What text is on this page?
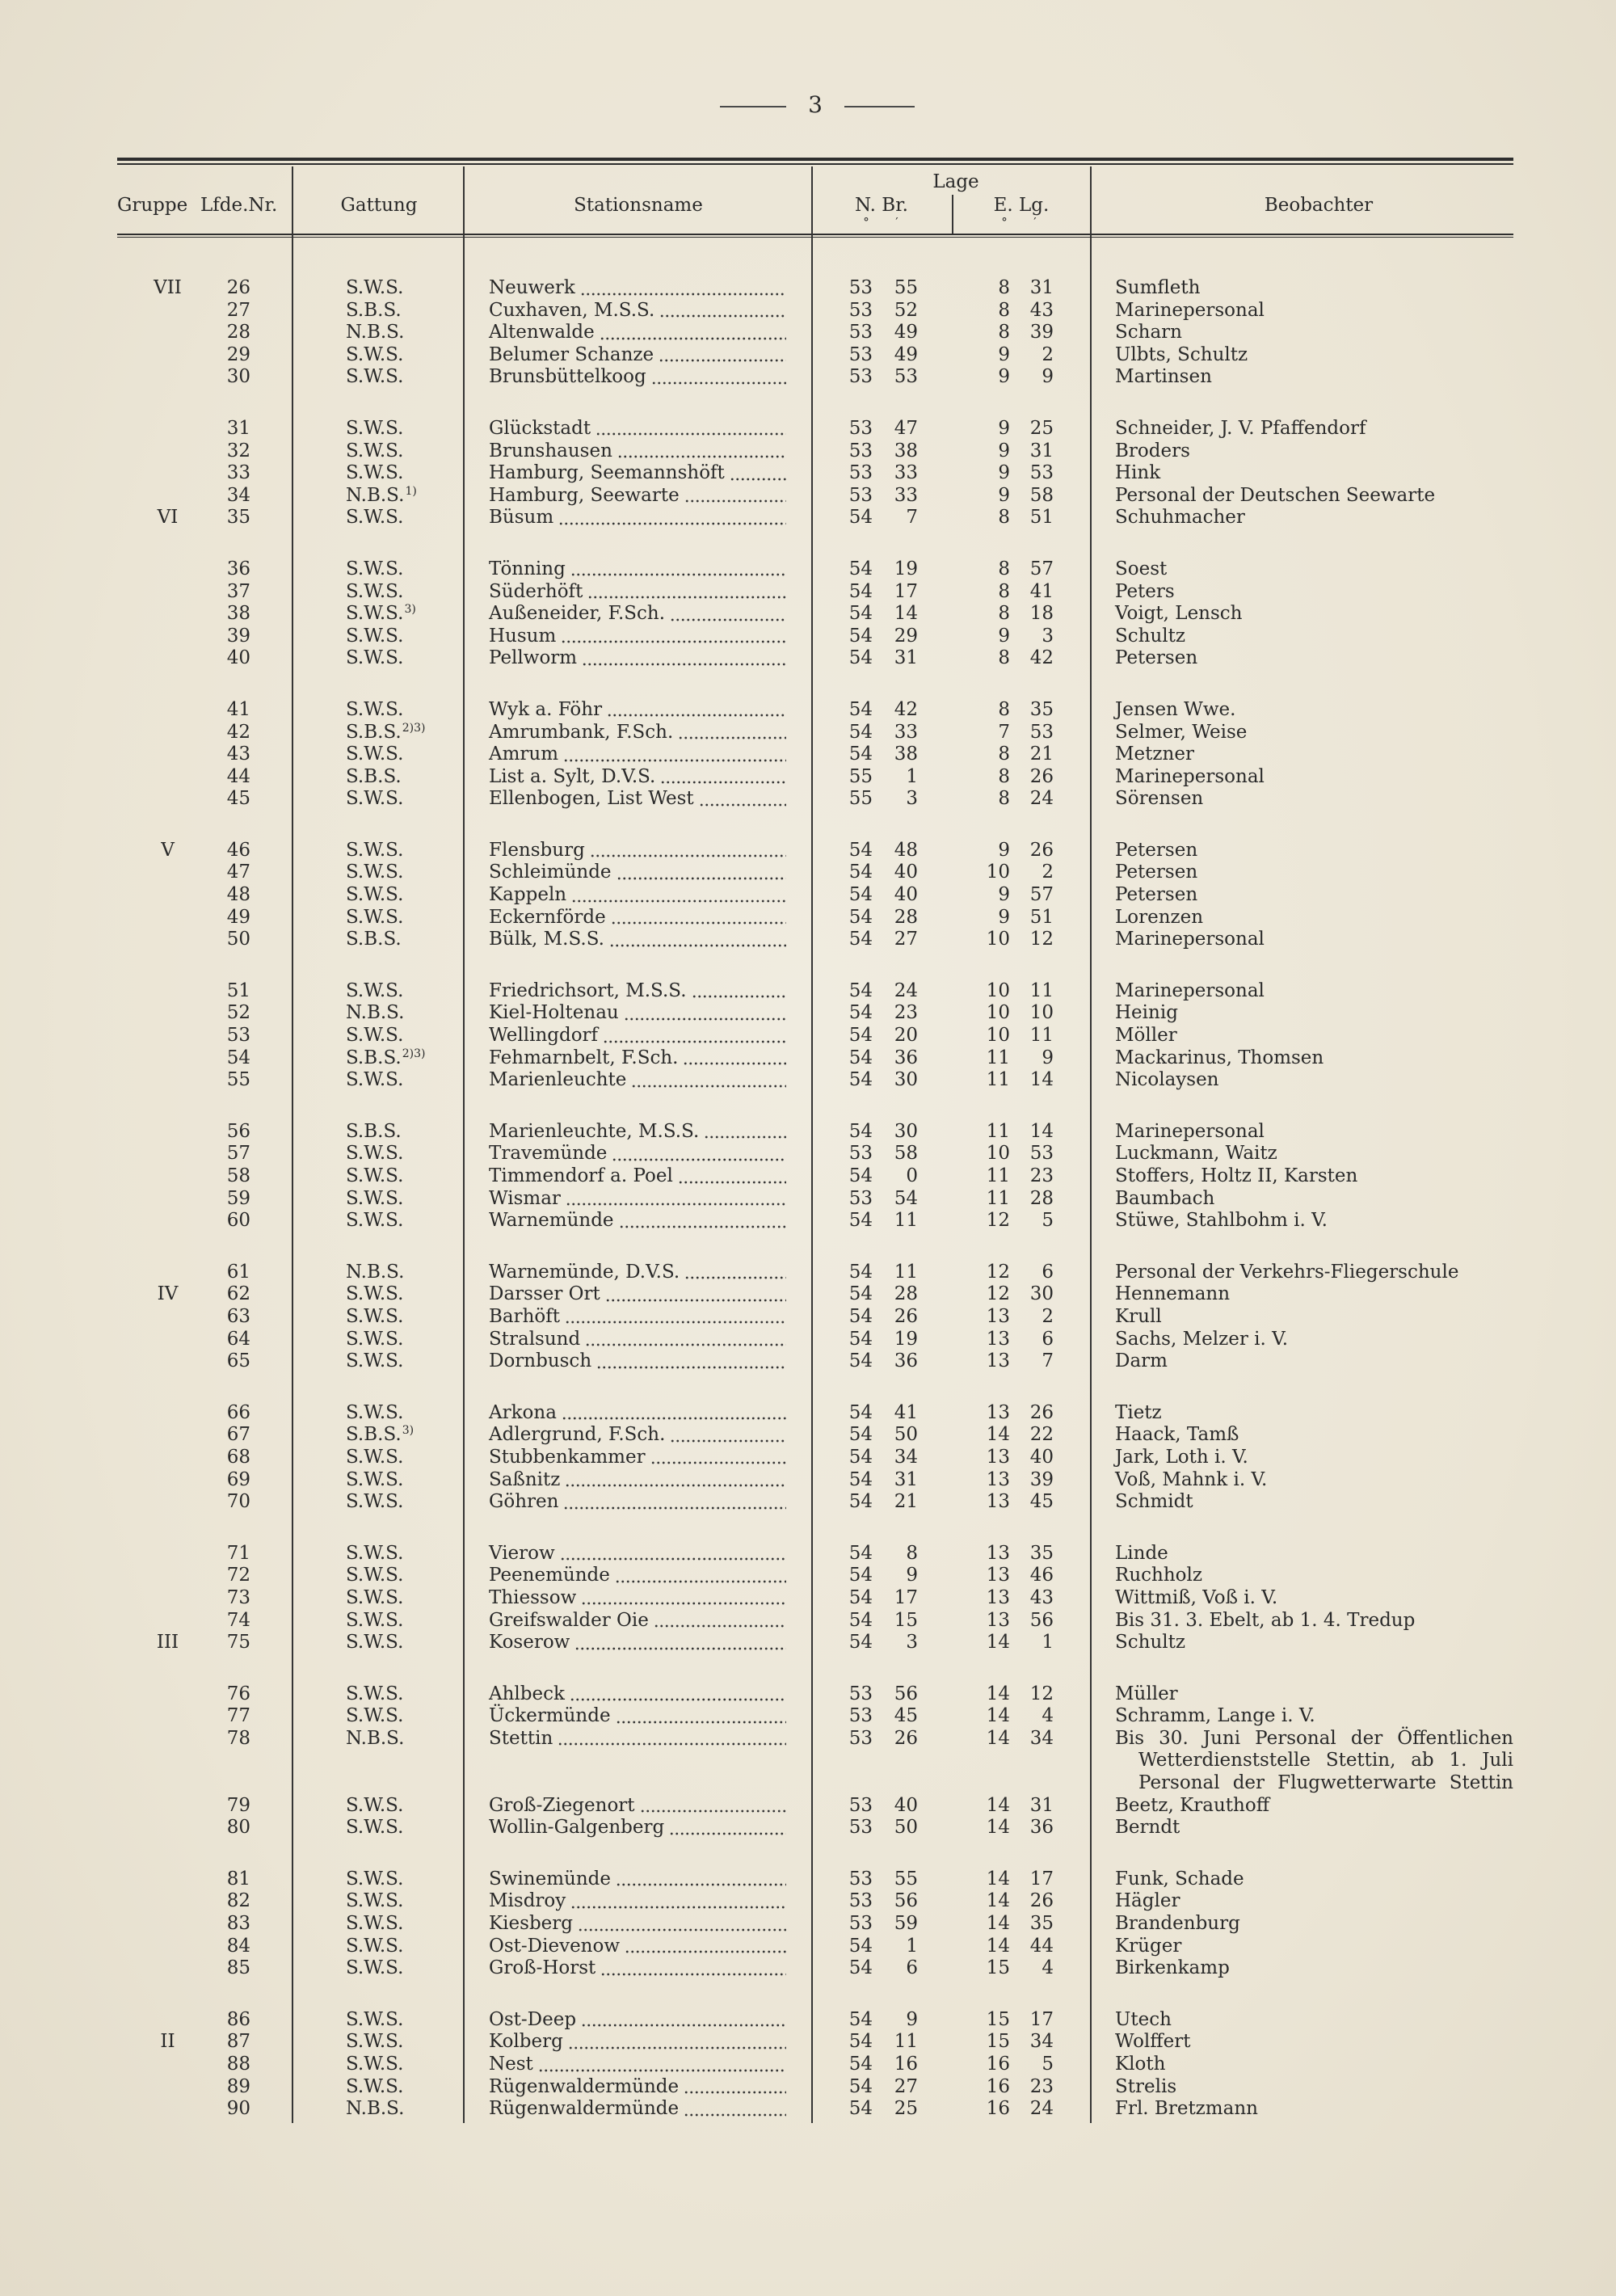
3
Gruppe Lfde.Nr.	Gattung	Stationsname
Lage
N. Br.	E. Lg.
°	′	°	′
Beobachter
VII	26	S.W.S.	Neuwerk	53	55	8	31	Sumfleth
27	S.B.S.	Cuxhaven, M.S.S.	53	52	8	43	Marinepersonal
28	N.B.S.	Altenwalde	53	49	8	39	Scharn
29	S.W.S.	Belumer Schanze	53	49	9	2	Ulbts, Schultz
30	S.W.S.	Brunsbüttelkoog	53	53	9	9	Martinsen
31	S.W.S.	Glückstadt	53	47	9	25	Schneider, J. V. Pfaffendorf
32	S.W.S.	Brunshausen	53	38	9	31	Broders
33	S.W.S.	Hamburg, Seemannshöft	53	33	9	53	Hink
34	N.B.S.$^{1)}$	Hamburg, Seewarte	53	33	9	58	Personal der Deutschen Seewarte
VI	35	S.W.S.	Büsum	54	7	8	51	Schuhmacher
36	S.W.S.	Tönning	54	19	8	57	Soest
37	S.W.S.	Süderhöft	54	17	8	41	Peters
38	S.W.S.$^{3)}$	Außeneider, F.Sch.	54	14	8	18	Voigt, Lensch
39	S.W.S.	Husum	54	29	9	3	Schultz
40	S.W.S.	Pellworm	54	31	8	42	Petersen
41	S.W.S.	Wyk a. Föhr	54	42	8	35	Jensen Wwe.
42	S.B.S.$^{2)3)}$	Amrumbank, F.Sch.	54	33	7	53	Selmer, Weise
43	S.W.S.	Amrum	54	38	8	21	Metzner
44	S.B.S.	List a. Sylt, D.V.S.	55	1	8	26	Marinepersonal
45	S.W.S.	Ellenbogen, List West	55	3	8	24	Sörensen
V	46	S.W.S.	Flensburg	54	48	9	26	Petersen
47	S.W.S.	Schleimünde	54	40	10	2	Petersen
48	S.W.S.	Kappeln	54	40	9	57	Petersen
49	S.W.S.	Eckernförde	54	28	9	51	Lorenzen
50	S.B.S.	Bülk, M.S.S.	54	27	10	12	Marinepersonal
51	S.W.S.	Friedrichsort, M.S.S.	54	24	10	11	Marinepersonal
52	N.B.S.	Kiel-Holtenau	54	23	10	10	Heinig
53	S.W.S.	Wellingdorf	54	20	10	11	Möller
54	S.B.S.$^{2)3)}$	Fehmarnbelt, F.Sch.	54	36	11	9	Mackarinus, Thomsen
55	S.W.S.	Marienleuchte	54	30	11	14	Nicolaysen
56	S.B.S.	Marienleuchte, M.S.S.	54	30	11	14	Marinepersonal
57	S.W.S.	Travemünde	53	58	10	53	Luckmann, Waitz
58	S.W.S.	Timmendorf a. Poel	54	0	11	23	Stoffers, Holtz II, Karsten
59	S.W.S.	Wismar	53	54	11	28	Baumbach
60	S.W.S.	Warnemünde	54	11	12	5	Stüwe, Stahlbohm i. V.
61	N.B.S.	Warnemünde, D.V.S.	54	11	12	6	Personal der Verkehrs-Fliegerschule
IV	62	S.W.S.	Darsser Ort	54	28	12	30	Hennemann
63	S.W.S.	Barhöft	54	26	13	2	Krull
64	S.W.S.	Stralsund	54	19	13	6	Sachs, Melzer i. V.
65	S.W.S.	Dornbusch	54	36	13	7	Darm
66	S.W.S.	Arkona	54	41	13	26	Tietz
67	S.B.S.$^{3)}$	Adlergrund, F.Sch.	54	50	14	22	Haack, Tamß
68	S.W.S.	Stubbenkammer	54	34	13	40	Jark, Loth i. V.
69	S.W.S.	Saßnitz	54	31	13	39	Voß, Mahnk i. V.
70	S.W.S.	Göhren	54	21	13	45	Schmidt
71	S.W.S.	Vierow	54	8	13	35	Linde
72	S.W.S.	Peenemünde	54	9	13	46	Ruchholz
73	S.W.S.	Thiessow	54	17	13	43	Wittmiß, Voß i. V.
74	S.W.S.	Greifswalder Oie	54	15	13	56	Bis 31. 3. Ebelt, ab 1. 4. Tredup
III	75	S.W.S.	Koserow	54	3	14	1	Schultz
76	S.W.S.	Ahlbeck	53	56	14	12	Müller
77	S.W.S.	Ückermünde	53	45	14	4	Schramm, Lange i. V.
78	N.B.S.	Stettin	53	26	14	34	Bis 30. Juni Personal der Öffentlichen
Wetterdienststelle Stettin, ab 1. Juli
Personal der Flugwetterwarte Stettin
79	S.W.S.	Groß-Ziegenort	53	40	14	31	Beetz, Krauthoff
80	S.W.S.	Wollin-Galgenberg	53	50	14	36	Berndt
81	S.W.S.	Swinemünde	53	55	14	17	Funk, Schade
82	S.W.S.	Misdroy	53	56	14	26	Hägler
83	S.W.S.	Kiesberg	53	59	14	35	Brandenburg
84	S.W.S.	Ost-Dievenow	54	1	14	44	Krüger
85	S.W.S.	Groß-Horst	54	6	15	4	Birkenkamp
86	S.W.S.	Ost-Deep	54	9	15	17	Utech
II	87	S.W.S.	Kolberg	54	11	15	34	Wolffert
88	S.W.S.	Nest	54	16	16	5	Kloth
89	S.W.S.	Rügenwaldermünde	54	27	16	23	Strelis
90	N.B.S.	Rügenwaldermünde	54	25	16	24	Frl. Bretzmann
